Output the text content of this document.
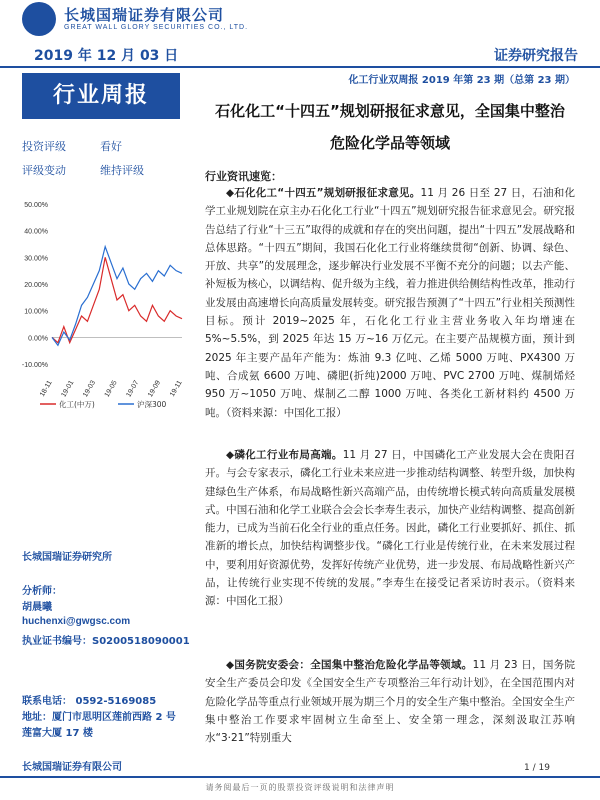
长城国瑞证券有限公司
GREAT WALL GLORY SECURITIES CO., LTD.
2019 年 12 月 03 日	证券研究报告
行业周报
投资评级	看好
评级变动	维持评级
50.00%
40.00%
30.00%
20.00%
10.00%
0.00%
-10.00%
18-11 19-01 19-03 19-05 19-07 19-09 19-11
化工(中万)	沪深300
长城国瑞证券研究所
分析师：
胡晨曦
huchenxi@gwgsc.com
执业证书编号：S0200518090001
联系电话： 0592-5169085
地址：厦门市思明区莲前西路 2 号
莲富大厦 17 楼
长城国瑞证券有限公司
化工行业双周报 2019 年第 23 期（总第 23 期）
石化化工“十四五”规划研报征求意见，全国集中整治
危险化学品等领域
行业资讯速览：
◆石化化工“十四五”规划研报征求意见。11 月 26 日至 27 日，石油和化学工业规划院在京主办石化化工行业“十四五”规划研究报告征求意见会。研究报告总结了行业“十三五”取得的成就和存在的突出问题，提出“十四五”发展战略和总体思路。“十四五”期间，我国石化化工行业将继续贯彻“创新、协调、绿色、开放、共享”的发展理念，逐步解决行业发展不平衡不充分的问题；以去产能、补短板为核心，以调结构、促升级为主线，着力推进供给侧结构性改革，推动行业发展由高速增长向高质量发展转变。研究报告预测了“十四五”行业相关预测性目标。预计 2019~2025 年，石化化工行业主营业务收入年均增速在 5%~5.5%，到 2025 年达 15 万~16 万亿元。在主要产品规模方面，预计到 2025 年主要产品年产能为：炼油 9.3 亿吨、乙烯 5000 万吨、PX4300 万吨、合成氨 6600 万吨、磷肥(折纯)2000 万吨、PVC 2700 万吨、煤制烯烃 950 万~1050 万吨、煤制乙二醇 1000 万吨、各类化工新材料约 4500 万吨。（资料来源：中国化工报）
◆磷化工行业布局高端。11 月 27 日，中国磷化工产业发展大会在贵阳召开。与会专家表示，磷化工行业未来应进一步推动结构调整、转型升级，加快构建绿色生产体系，布局战略性新兴高端产品，由传统增长模式转向高质量发展模式。中国石油和化学工业联合会会长李寿生表示，加快产业结构调整、提高创新能力，已成为当前石化全行业的重点任务。因此，磷化工行业要抓好、抓住、抓准新的增长点，加快结构调整步伐。“磷化工行业是传统行业，在未来发展过程中，要利用好资源优势，发挥好传统产业优势，进一步发展、布局战略性新兴产品，让传统行业实现不传统的发展。”李寿生在接受记者采访时表示。（资料来源：中国化工报）
◆国务院安委会：全国集中整治危险化学品等领域。11 月 23 日，国务院安全生产委员会印发《全国安全生产专项整治三年行动计划》，在全国范围内对危险化学品等重点行业领域开展为期三个月的安全生产集中整治。全国安全生产集中整治工作要求牢固树立生命至上、安全第一理念，深刻汲取江苏响水“3·21”特别重大
1 / 19
请务阅最后一页的股票投资评级说明和法律声明
